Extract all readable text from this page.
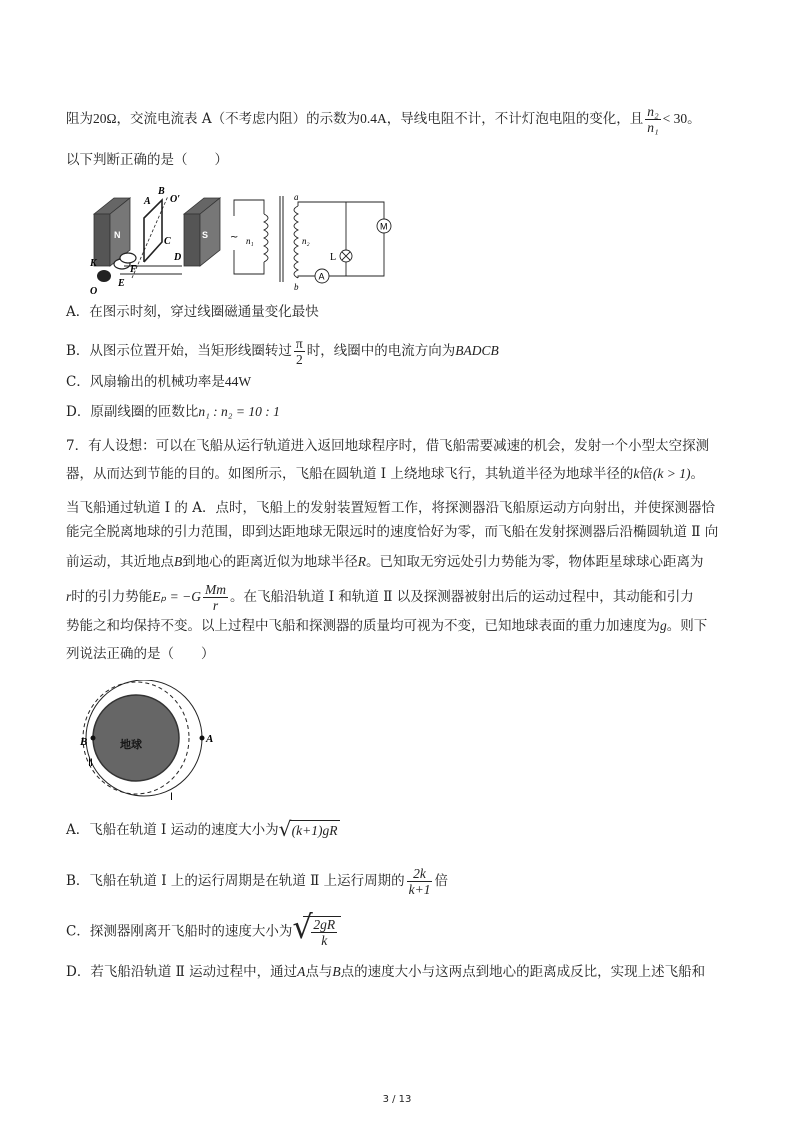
阻为20Ω，交流电流表 A（不考虑内阻）的示数为0.4A，导线电阻不计，不计灯泡电阻的变化，且 $\frac{\text{n₂}}{\text{n₁}} < 30$。
以下判断正确的是（　　）
B
A O′
N	S
C
D
K
F
E
O
~ n₁	n₂
a
b
A
L
M
A．在图示时刻，穿过线圈磁通量变化最快
B．从图示位置开始，当矩形线圈转过 $\frac{\pi}{2}$ 时，线圈中的电流方向为BADCB
C．风扇输出的机械功率是44W
D．原副线圈的匝数比n₁ : n₂ = 10 : 1
7．有人设想：可以在飞船从运行轨道进入返回地球程序时，借飞船需要减速的机会，发射一个小型太空探测
器，从而达到节能的目的。如图所示，飞船在圆轨道 Ⅰ 上绕地球飞行，其轨道半径为地球半径的k倍(k > 1)。
当飞船通过轨道 Ⅰ 的 A．点时，飞船上的发射装置短暂工作，将探测器沿飞船原运动方向射出，并使探测器恰
能完全脱离地球的引力范围，即到达距地球无限远时的速度恰好为零，而飞船在发射探测器后沿椭圆轨道 Ⅱ 向
前运动，其近地点B到地心的距离近似为地球半径R。已知取无穷远处引力势能为零，物体距星球球心距离为
r时的引力势能$E_p = -G \frac{Mm}{r}$ 。在飞船沿轨道 Ⅰ 和轨道 Ⅱ 以及探测器被射出后的运动过程中，其动能和引力
势能之和均保持不变。以上过程中飞船和探测器的质量均可视为不变，已知地球表面的重力加速度为g。则下
列说法正确的是（　　）
B	A
地球
Ⅱ
Ⅰ
A．飞船在轨道 Ⅰ 运动的速度大小为 √ (k+1)gR
B．飞船在轨道 Ⅰ 上的运行周期是在轨道 Ⅱ 上运行周期的 $\frac{2k}{k+1}$ 倍
C．探测器刚离开飞船时的速度大小为 √
$\frac{2gR}{k}$
D．若飞船沿轨道 Ⅱ 运动过程中，通过A点与B点的速度大小与这两点到地心的距离成反比，实现上述飞船和
3 / 13
